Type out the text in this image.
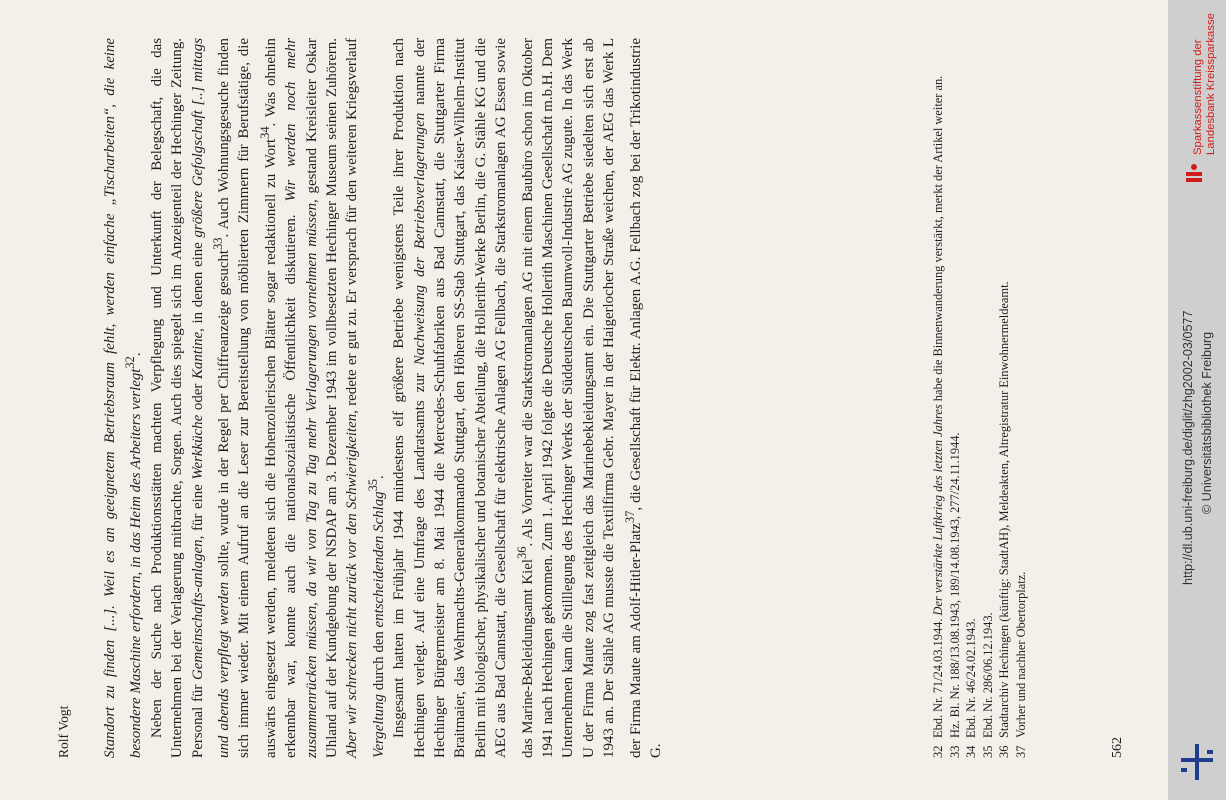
Rolf Vogt Standort zu finden [...]. Weil es an geeignetem Betriebsraum fehlt, werden einfache „Tischarbeiten“, die keine besondere Maschine erfordern, in das Heim des Arbeiters verlegt$^{32}$. Neben der Suche nach Produktionsstätten machten Verpflegung und Unterkunft der Belegschaft, die das Unternehmen bei der Verlagerung mitbrachte, Sorgen. Auch dies spiegelt sich im Anzeigenteil der Hechinger Zeitung. Personal für Gemeinschafts-anlagen, für eine Werkküche oder Kantine, in denen eine größere Gefolgschaft [..] mittags und abends verpflegt werden sollte, wurde in der Regel per Chiffreanzeige gesucht$^{33}$. Auch Wohnungsgesuche finden sich immer wieder. Mit einem Aufruf an die Leser zur Bereitstellung von möblierten Zimmern für Berufstätige, die auswärts eingesetzt werden, meldeten sich die Hohenzollerischen Blätter sogar redaktionell zu Wort$^{34}$. Was ohnehin erkennbar war, konnte auch die nationalsozialistische Öffentlichkeit diskutieren. Wir werden noch mehr zusammenrücken müssen, da wir von Tag zu Tag mehr Verlagerungen vornehmen müssen, gestand Kreisleiter Oskar Uhland auf der Kundgebung der NSDAP am 3. Dezember 1943 im vollbesetzten Hechinger Museum seinen Zuhörern. Aber wir schrecken nicht zurück vor den Schwierigkeiten, redete er gut zu. Er versprach für den weiteren Kriegsverlauf Vergeltung durch den entscheidenden Schlag$^{35}$. Insgesamt hatten im Frühjahr 1944 mindestens elf größere Betriebe wenigstens Teile ihrer Produktion nach Hechingen verlegt. Auf eine Umfrage des Landratsamts zur Nachweisung der Betriebsverlagerungen nannte der Hechinger Bürgermeister am 8. Mai 1944 die Mercedes-Schuhfabriken aus Bad Cannstatt, die Stuttgarter Firma Braitmaier, das Wehrmachts-Generalkommando Stuttgart, den Höheren SS-Stab Stuttgart, das Kaiser-Wilhelm-Institut Berlin mit biologischer, physikalischer und botanischer Abteilung, die Hollerith-Werke Berlin, die G. Stähle KG und die AEG aus Bad Cannstatt, die Gesellschaft für elektrische Anlagen AG Fellbach, die Starkstromanlagen AG Essen sowie das Marine-Bekleidungsamt Kiel$^{36}$. Als Vorreiter war die Starkstromanlagen AG mit einem Baubüro schon im Oktober 1941 nach Hechingen gekommen. Zum 1. April 1942 folgte die Deutsche Hollerith Maschinen Gesellschaft m.b.H. Dem Unternehmen kam die Stilllegung des Hechinger Werks der Süddeutschen Baumwoll-Industrie AG zugute. In das Werk U der Firma Maute zog fast zeitgleich das Marinebekleidungsamt ein. Die Stuttgarter Betriebe siedelten sich erst ab 1943 an. Der Stähle AG musste die Textilfirma Gebr. Mayer in der Haigerlocher Straße weichen, der AEG das Werk L der Firma Maute am Adolf-Hitler-Platz$^{37}$, die Gesellschaft für Elektr. Anlagen A.G. Fellbach zog bei der Trikotindustrie G.	32
Ebd. Nr. 71/24.03.1944. Der verstärkte Luftkrieg des letzten Jahres habe die Binnenwanderung verstärkt, merkt der Artikel weiter an.
33
Hz. Bl. Nr. 188/13.08.1943, 189/14.08.1943, 277/24.11.1944.
34
Ebd. Nr. 46/24.02.1943.
35
Ebd. Nr. 286/06.12.1943.
36
Stadtarchiv Hechingen (künftig: StadtAH), Meldeakten, Altregistratur Einwohnermeldeamt.
37
Vorher und nachher Obertorplatz.
562
Sparkassenstiftung der Landesbank Kreissparkasse
http://dl.ub.uni-freiburg.de/diglit/zhg2002-03/0577 © Universitätsbibliothek Freiburg
